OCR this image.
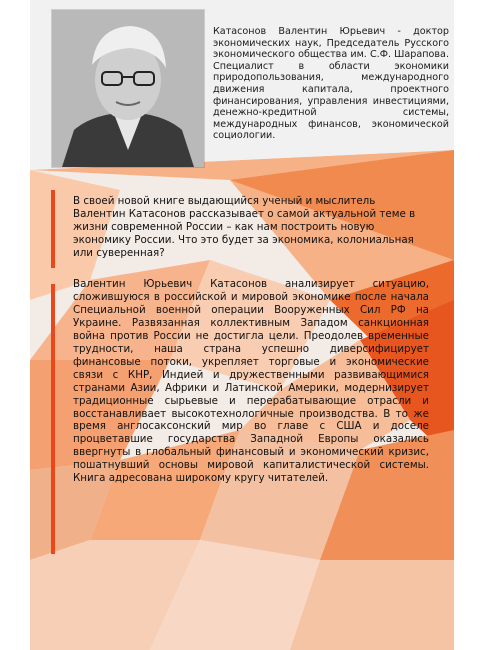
Катасонов Валентин Юрьевич - доктор экономических наук, Председатель Русского экономического общества им. С.Ф. Шарапова. Специалист в области экономики природопользования, международного движения капитала, проектного финансирования, управления инвестициями, денежно-кредитной системы, международных финансов, экономической социологии.
В своей новой книге выдающийся ученый и мыслитель Валентин Катасонов рассказывает о самой актуальной теме в жизни современной России – как нам построить новую экономику России. Что это будет за экономика, колониальная или суверенная?
Валентин Юрьевич Катасонов анализирует ситуацию, сложившуюся в российской и мировой экономике после начала Специальной военной операции Вооруженных Сил РФ на Украине. Развязанная коллективным Западом санкционная война против России не достигла цели. Преодолев временные трудности, наша страна успешно диверсифицирует финансовые потоки, укрепляет торговые и экономические связи с КНР, Индией и дружественными развивающимися странами Азии, Африки и Латинской Америки, модернизирует традиционные сырьевые и перерабатывающие отрасли и восстанавливает высокотехнологичные производства. В то же время англосаксонский мир во главе с США и доселе процветавшие государства Западной Европы оказались ввергнуты в глобальный финансовый и экономический кризис, пошатнувший основы мировой капиталистической системы. Книга адресована широкому кругу читателей.
